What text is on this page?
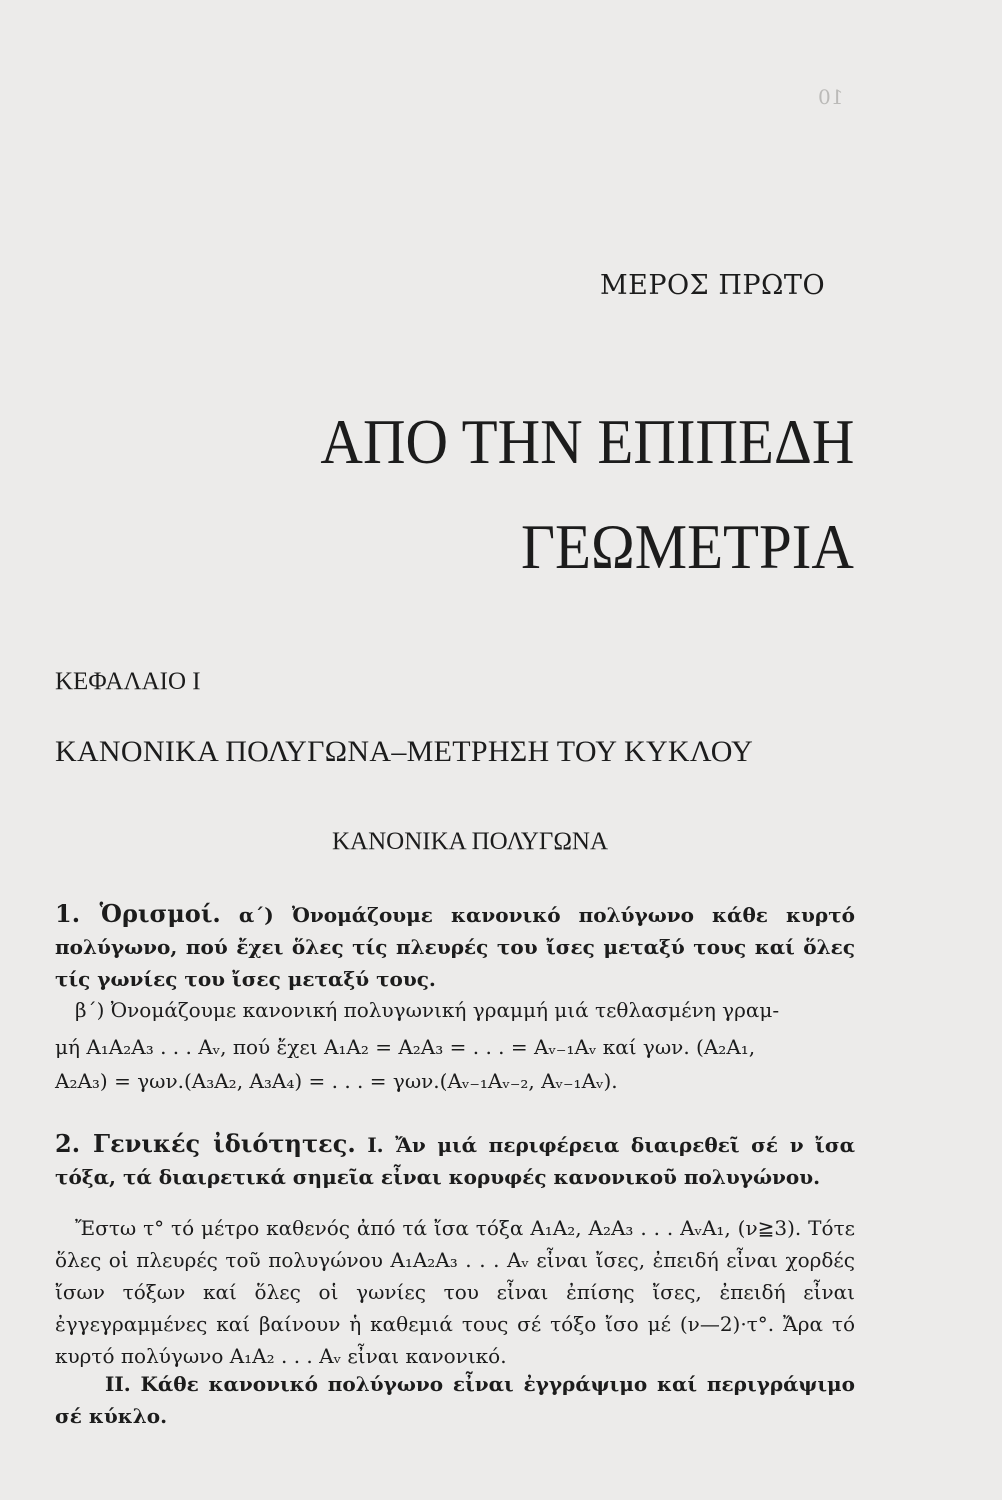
10

ΜΕΡΟΣ ΠΡΩΤΟ
ΑΠΟ ΤΗΝ ΕΠΙΠΕΔΗ
ΓΕΩΜΕΤΡΙΑ
ΚΕΦΑΛΑΙΟ Ι
ΚΑΝΟΝΙΚΑ ΠΟΛΥΓΩΝΑ–ΜΕΤΡΗΣΗ ΤΟΥ ΚΥΚΛΟΥ
ΚΑΝΟΝΙΚΑ ΠΟΛΥΓΩΝΑ
1. Ὁρισμοί. α΄) Ὀνομάζουμε κανονικό πολύγωνο κάθε κυρτό πολύγωνο, πού ἔχει ὅλες τίς πλευρές του ἴσες μεταξύ τους καί ὅλες τίς γωνίες του ἴσες μεταξύ τους.
β΄) Ὀνομάζουμε κανονική πολυγωνική γραμμή μιά τεθλασμένη γραμ-
μή A₁A₂A₃ . . . Aᵥ, πού ἔχει A₁A₂ = A₂A₃ = . . . = Aᵥ₋₁Aᵥ καί γων. (A₂A₁,
A₂A₃) = γων.(A₃A₂, A₃A₄) = . . . = γων.(Aᵥ₋₁Aᵥ₋₂, Aᵥ₋₁Aᵥ).
2. Γενικές ἰδιότητες. Ι. Ἄν μιά περιφέρεια διαιρεθεῖ σέ ν ἴσα τόξα, τά διαιρετικά σημεῖα εἶναι κορυφές κανονικοῦ πολυγώνου.
Ἔστω τ° τό μέτρο καθενός ἀπό τά ἴσα τόξα A₁A₂, A₂A₃ . . . AᵥA₁, (ν≧3). Τότε ὅλες οἱ πλευρές τοῦ πολυγώνου A₁A₂A₃ . . . Aᵥ εἶναι ἴσες, ἐπειδή εἶναι χορδές ἴσων τόξων καί ὅλες οἱ γωνίες του εἶναι ἐπίσης ἴσες, ἐπειδή εἶναι ἐγγεγραμμένες καί βαίνουν ἡ καθεμιά τους σέ τόξο ἴσο μέ (ν—2)·τ°. Ἄρα τό κυρτό πολύγωνο A₁A₂ . . . Aᵥ εἶναι κανονικό.
ΙΙ. Κάθε κανονικό πολύγωνο εἶναι ἐγγράψιμο καί περιγράψιμο σέ κύκλο.
